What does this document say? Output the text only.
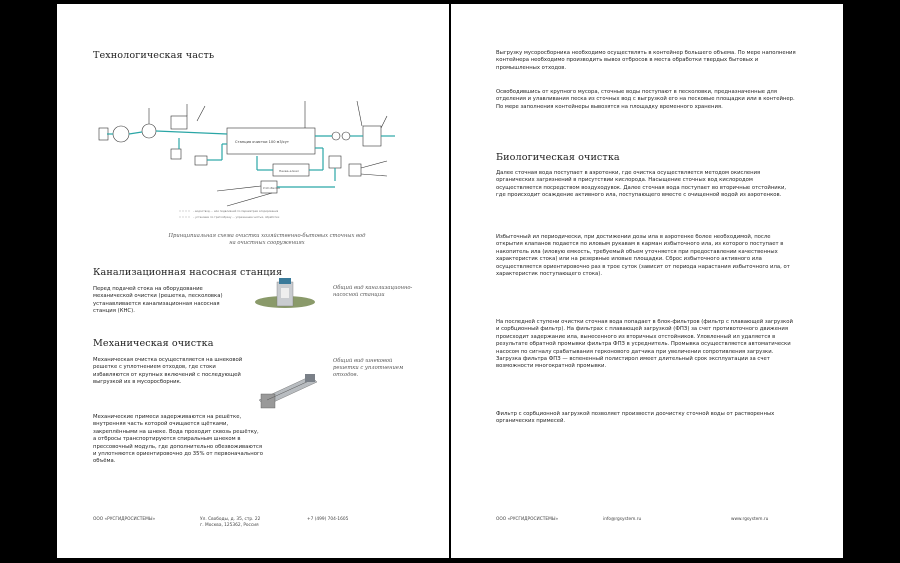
Технологическая часть
Станция очистки 100 м3/сут
Пеква-алкал
Усоб обмотки
– водоотвод … или подвлияний по параметрам хлорирования
– установки по тратообразу … упражнение чистых, обработки
Принципиальная схема очистки хозяйственно-бытовых сточных вод на очистных сооружениях
Канализационная насосная станция
Перед подачей стока на оборудование механической очистки (решетка, песколовка) устанавливается канализационная насосная станция (КНС).
Общий вид канализационно-насосной станции
Механическая очистка
Механическая очистка осуществляется на шнековой решетке с уплотнением отходов, где стоки избавляются от крупных включений с последующей выгрузкой их в мусоросборник.
Механические примеси задерживаются на решётке, внутренняя часть которой очищается щётками, закреплёнными на шнеке. Вода проходит сквозь решётку, а отбросы транспортируются спиральным шнеком в прессовочный модуль, где дополнительно обезвоживаются и уплотняются ориентировочно до 35% от первоначального объёма.
Общий вид шнековой решетки с уплотнением отходов.
ООО «РУСГИДРОСИСТЕМЫ»	Ул. Свободы, д. 35, стр. 22
г. Москва, 125362, Россия
+7 (499) 704-1605
Выгрузку мусоросборника необходимо осуществлять в контейнер большего объема. По мере наполнения контейнера необходимо производить вывоз отбросов в места обработки твердых бытовых и промышленных отходов.
Освободившись от крупного мусора, сточные воды поступают в песколовки, предназначенные для отделения и улавливания песка из сточных вод с выгрузкой его на песковые площадки или в контейнер. По мере заполнения контейнеры вывозятся на площадку временного хранения.
Биологическая очистка
Далее сточная вода поступает в аэротенки, где очистка осуществляется методом окисления органических загрязнений в присутствии кислорода. Насыщение сточных вод кислородом осуществляется посредством воздуходувок. Далее сточная вода поступает во вторичные отстойники, где происходит осаждение активного ила, поступающего вместе с очищенной водой из аэротенков.
Избыточный ил периодически, при достижении дозы ила в аэротенке более необходимой, после открытия клапанов подается по иловым рукавам в карман избыточного ила, из которого поступает в накопитель ила (иловую емкость, требуемый объем уточняется при предоставлении качественных характеристик стока) или на резервные иловые площадки. Сброс избыточного активного ила осуществляется ориентировочно раз в трое суток (зависит от периода нарастания избыточного ила, от характеристик поступающего стока).
На последней ступени очистки сточная вода попадает в блок-фильтров (фильтр с плавающей загрузкой и сорбционный фильтр). На фильтрах с плавающей загрузкой (ФПЗ) за счет противоточного движения происходит задержание ила, вынесенного из вторичных отстойников. Уловленный ил удаляется в результате обратной промывки фильтра ФПЗ в усреднитель. Промывка осуществляется автоматически насосом по сигналу срабатывания герконового датчика при увеличении сопротивления загрузки. Загрузка фильтра ФПЗ — вспененный полистирол имеет длительный срок эксплуатации за счет возможности многократной промывки.
Фильтр с сорбционной загрузкой позволяет произвести доочистку сточной воды от растворенных органических примесей.
ООО «РУСГИДРОСИСТЕМЫ»	info@rgsystem.ru	www.rgsystem.ru
